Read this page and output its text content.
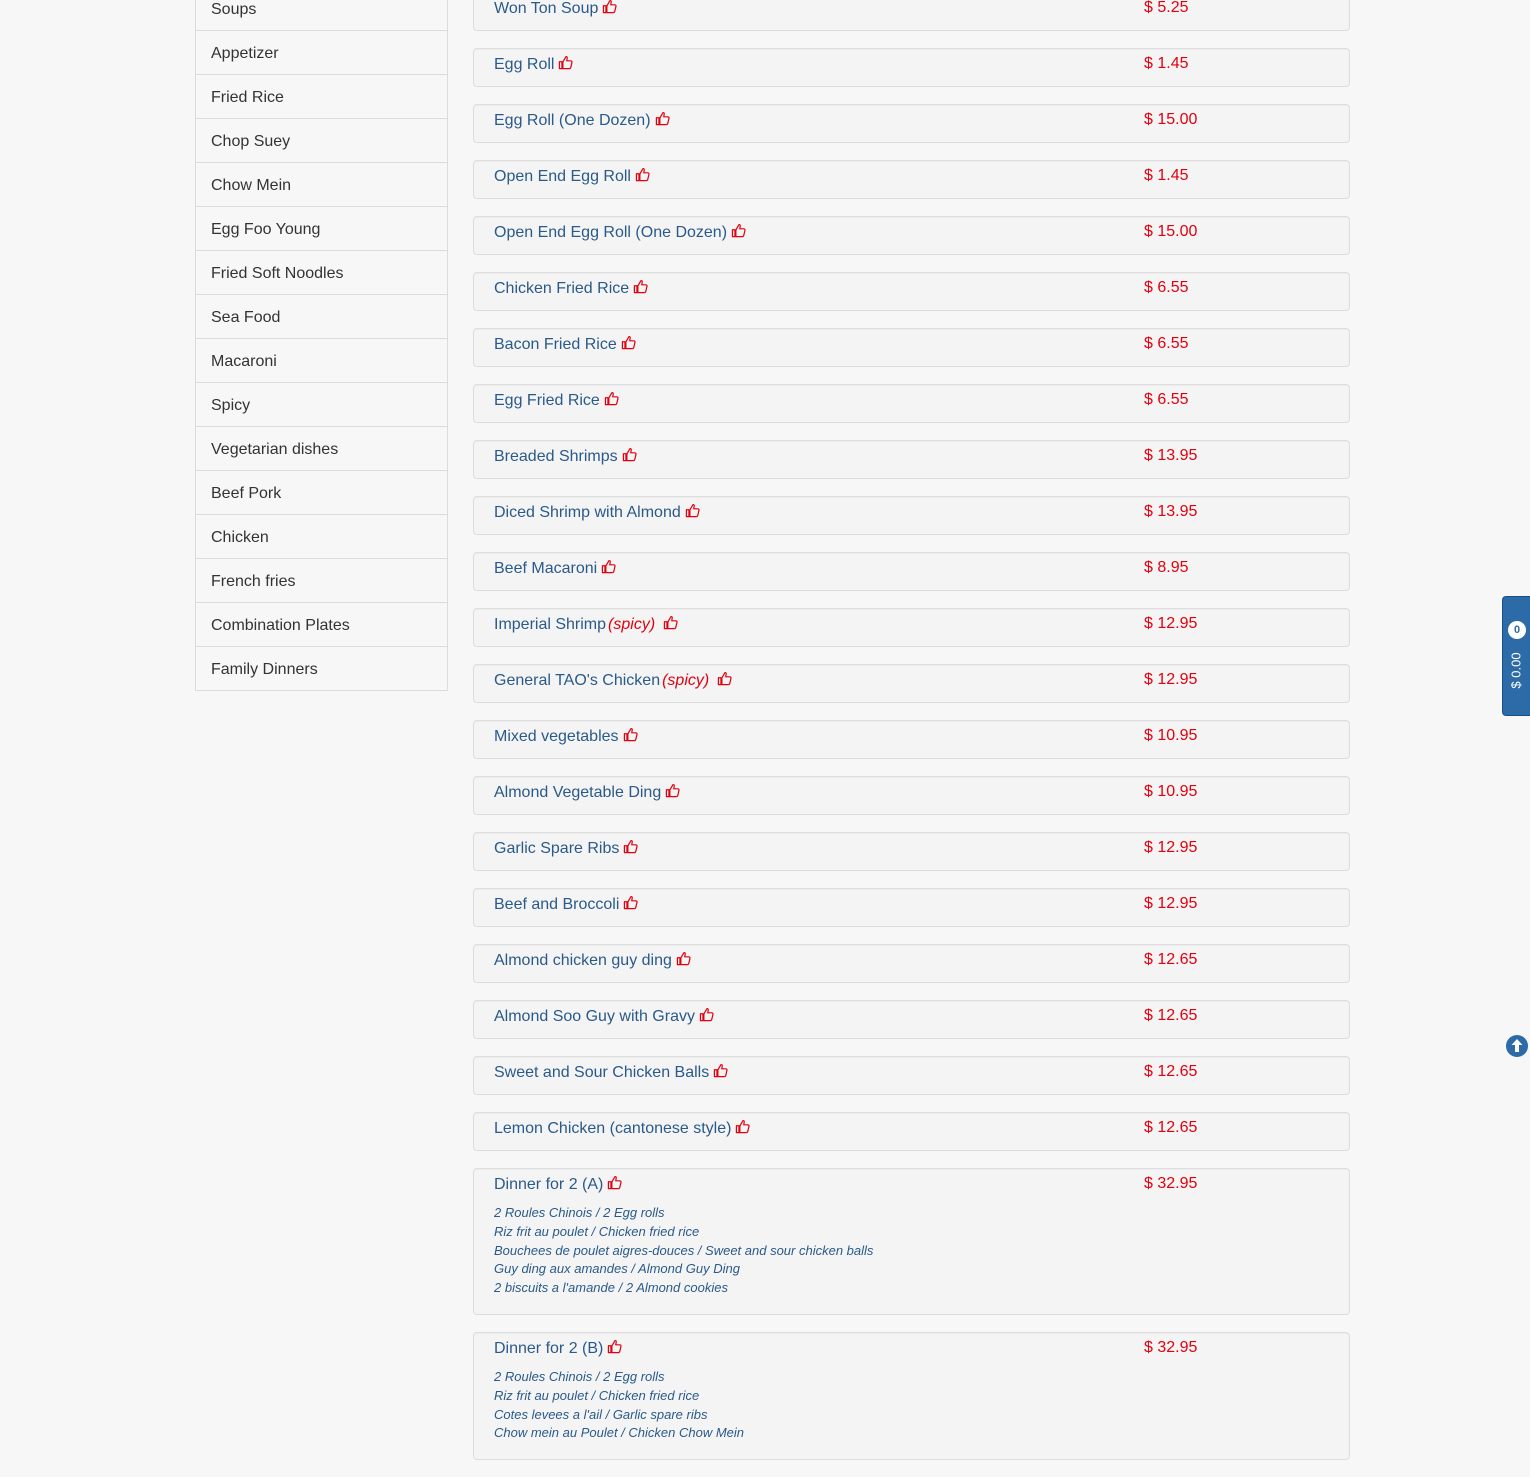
Soups
Appetizer
Fried Rice
Chop Suey
Chow Mein
Egg Foo Young
Fried Soft Noodles
Sea Food
Macaroni
Spicy
Vegetarian dishes
Beef Pork
Chicken
French fries
Combination Plates
Family Dinners
Won Ton Soup	$ 5.25
Egg Roll	$ 1.45
Egg Roll (One Dozen)	$ 15.00
Open End Egg Roll	$ 1.45
Open End Egg Roll (One Dozen)	$ 15.00
Chicken Fried Rice	$ 6.55
Bacon Fried Rice	$ 6.55
Egg Fried Rice	$ 6.55
Breaded Shrimps	$ 13.95
Diced Shrimp with Almond	$ 13.95
Beef Macaroni	$ 8.95
Imperial Shrimp (spicy)	$ 12.95
General TAO's Chicken (spicy)	$ 12.95
Mixed vegetables	$ 10.95
Almond Vegetable Ding	$ 10.95
Garlic Spare Ribs	$ 12.95
Beef and Broccoli	$ 12.95
Almond chicken guy ding	$ 12.65
Almond Soo Guy with Gravy	$ 12.65
Sweet and Sour Chicken Balls	$ 12.65
Lemon Chicken (cantonese style)	$ 12.65
Dinner for 2 (A)	$ 32.95
2 Roules Chinois / 2 Egg rolls
Riz frit au poulet / Chicken fried rice
Bouchees de poulet aigres-douces / Sweet and sour chicken balls
Guy ding aux amandes / Almond Guy Ding
2 biscuits a l'amande / 2 Almond cookies
Dinner for 2 (B)	$ 32.95
2 Roules Chinois / 2 Egg rolls
Riz frit au poulet / Chicken fried rice
Cotes levees a l'ail / Garlic spare ribs
Chow mein au Poulet / Chicken Chow Mein
0
$ 0.00
